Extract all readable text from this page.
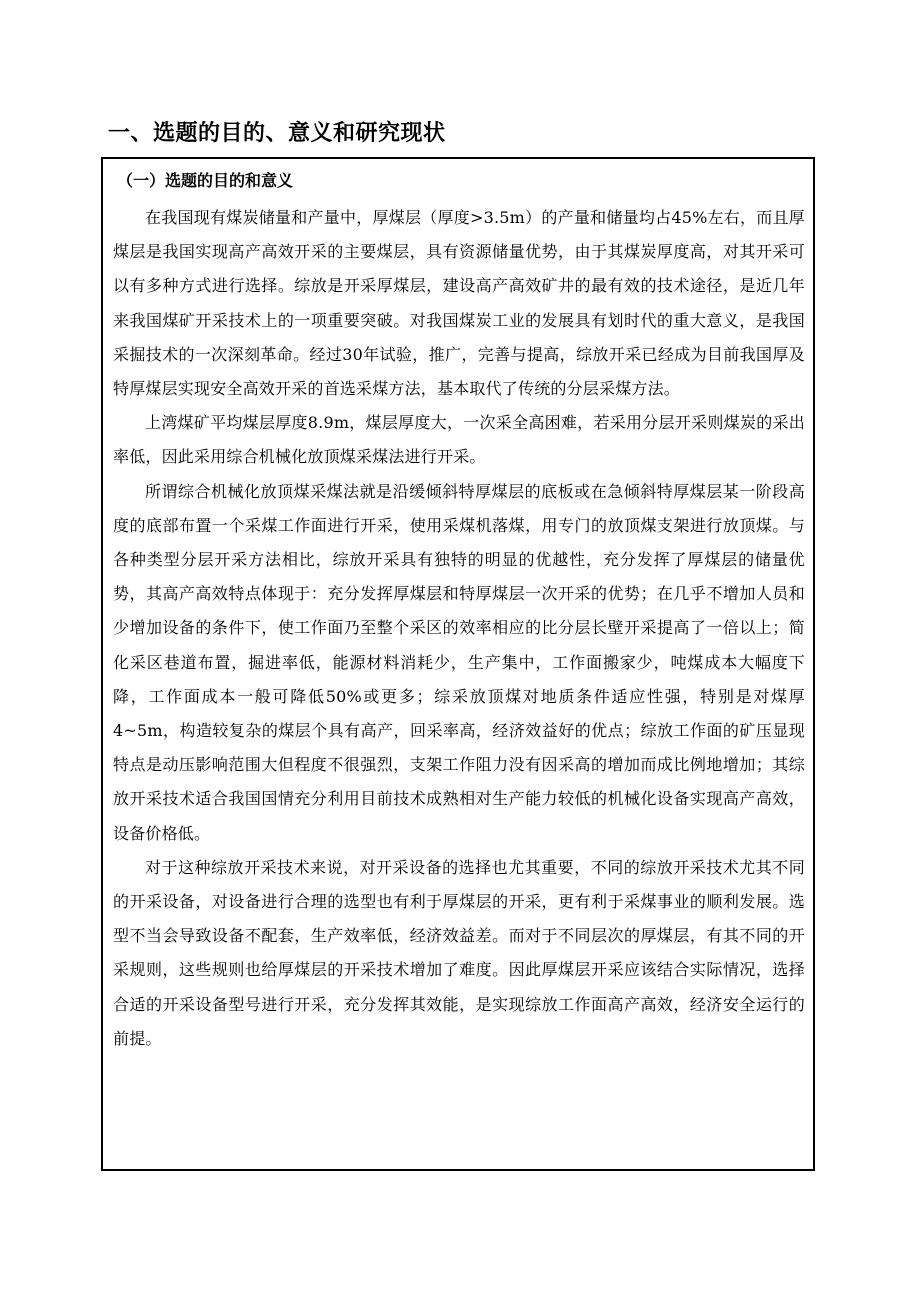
一、选题的目的、意义和研究现状
（一）选题的目的和意义

在我国现有煤炭储量和产量中，厚煤层（厚度>3.5m）的产量和储量均占45%左右，而且厚煤层是我国实现高产高效开采的主要煤层，具有资源储量优势，由于其煤炭厚度高，对其开采可以有多种方式进行选择。综放是开采厚煤层，建设高产高效矿井的最有效的技术途径，是近几年来我国煤矿开采技术上的一项重要突破。对我国煤炭工业的发展具有划时代的重大意义，是我国采掘技术的一次深刻革命。经过30年试验，推广，完善与提高，综放开采已经成为目前我国厚及特厚煤层实现安全高效开采的首选采煤方法，基本取代了传统的分层采煤方法。

上湾煤矿平均煤层厚度8.9m，煤层厚度大，一次采全高困难，若采用分层开采则煤炭的采出率低，因此采用综合机械化放顶煤采煤法进行开采。

所谓综合机械化放顶煤采煤法就是沿缓倾斜特厚煤层的底板或在急倾斜特厚煤层某一阶段高度的底部布置一个采煤工作面进行开采，使用采煤机落煤，用专门的放顶煤支架进行放顶煤。与各种类型分层开采方法相比，综放开采具有独特的明显的优越性，充分发挥了厚煤层的储量优势，其高产高效特点体现于：充分发挥厚煤层和特厚煤层一次开采的优势；在几乎不增加人员和少增加设备的条件下，使工作面乃至整个采区的效率相应的比分层长壁开采提高了一倍以上；简化采区巷道布置，掘进率低，能源材料消耗少，生产集中，工作面搬家少，吨煤成本大幅度下降，工作面成本一般可降低50%或更多；综采放顶煤对地质条件适应性强，特别是对煤厚4~5m，构造较复杂的煤层个具有高产，回采率高，经济效益好的优点；综放工作面的矿压显现特点是动压影响范围大但程度不很强烈，支架工作阻力没有因采高的增加而成比例地增加；其综放开采技术适合我国国情充分利用目前技术成熟相对生产能力较低的机械化设备实现高产高效，设备价格低。

对于这种综放开采技术来说，对开采设备的选择也尤其重要，不同的综放开采技术尤其不同的开采设备，对设备进行合理的选型也有利于厚煤层的开采，更有利于采煤事业的顺利发展。选型不当会导致设备不配套，生产效率低，经济效益差。而对于不同层次的厚煤层，有其不同的开采规则，这些规则也给厚煤层的开采技术增加了难度。因此厚煤层开采应该结合实际情况，选择合适的开采设备型号进行开采，充分发挥其效能，是实现综放工作面高产高效，经济安全运行的前提。
